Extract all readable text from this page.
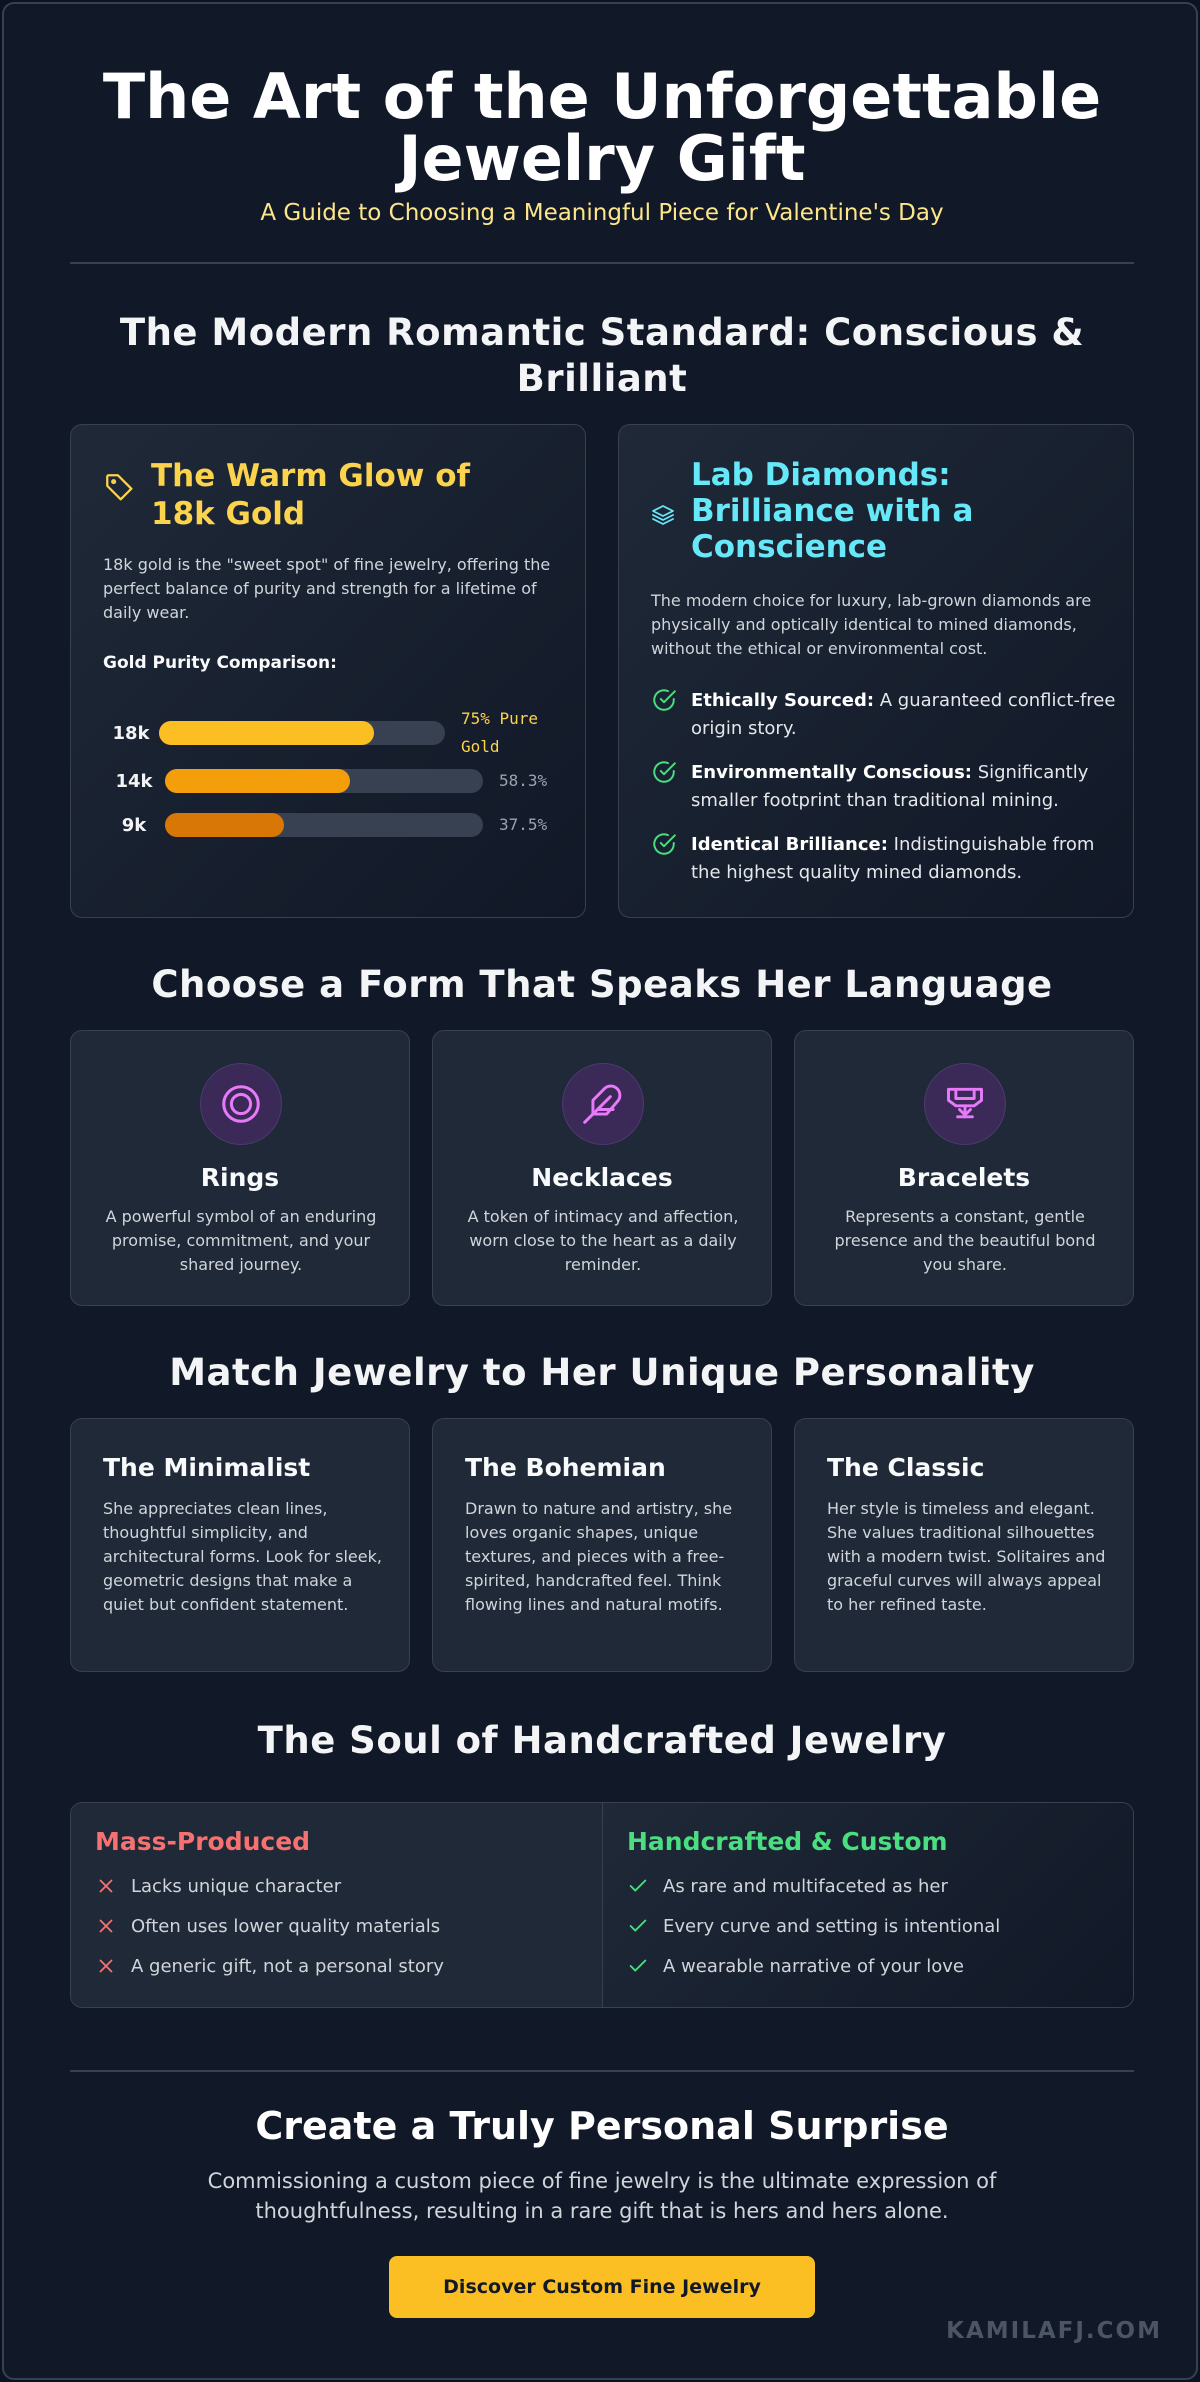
The Art of the Unforgettable
Jewelry Gift
A Guide to Choosing a Meaningful Piece for Valentine's Day
The Modern Romantic Standard: Conscious &
Brilliant
The Warm Glow of 18k Gold

18k gold is the "sweet spot" of fine jewelry, offering the perfect balance of purity and strength for a lifetime of daily wear.

Gold Purity Comparison:
18k
75% Pure Gold
14k	58.3%
9k	37.5%
Lab Diamonds: Brilliance with a Conscience

The modern choice for luxury, lab-grown diamonds are physically and optically identical to mined diamonds, without the ethical or environmental cost.

Ethically Sourced: A guaranteed conflict-free origin story.
Environmentally Conscious: Significantly smaller footprint than traditional mining.
Identical Brilliance: Indistinguishable from the highest quality mined diamonds.
Choose a Form That Speaks Her Language
Rings

A powerful symbol of an enduring promise, commitment, and your shared journey.

Necklaces

A token of intimacy and affection, worn close to the heart as a daily reminder.

Bracelets

Represents a constant, gentle presence and the beautiful bond you share.

Match Jewelry to Her Unique Personality
The Minimalist

She appreciates clean lines, thoughtful simplicity, and architectural forms. Look for sleek, geometric designs that make a quiet but confident statement.

The Bohemian

Drawn to nature and artistry, she loves organic shapes, unique textures, and pieces with a free-spirited, handcrafted feel. Think flowing lines and natural motifs.

The Classic

Her style is timeless and elegant. She values traditional silhouettes with a modern twist. Solitaires and graceful curves will always appeal to her refined taste.

The Soul of Handcrafted Jewelry
Mass-Produced
Lacks unique character
Often uses lower quality materials
A generic gift, not a personal story
Handcrafted & Custom
As rare and multifaceted as her
Every curve and setting is intentional
A wearable narrative of your love
Create a Truly Personal Surprise

Commissioning a custom piece of fine jewelry is the ultimate expression of thoughtfulness, resulting in a rare gift that is hers and hers alone.

Discover Custom Fine Jewelry
KAMILAFJ.COM
